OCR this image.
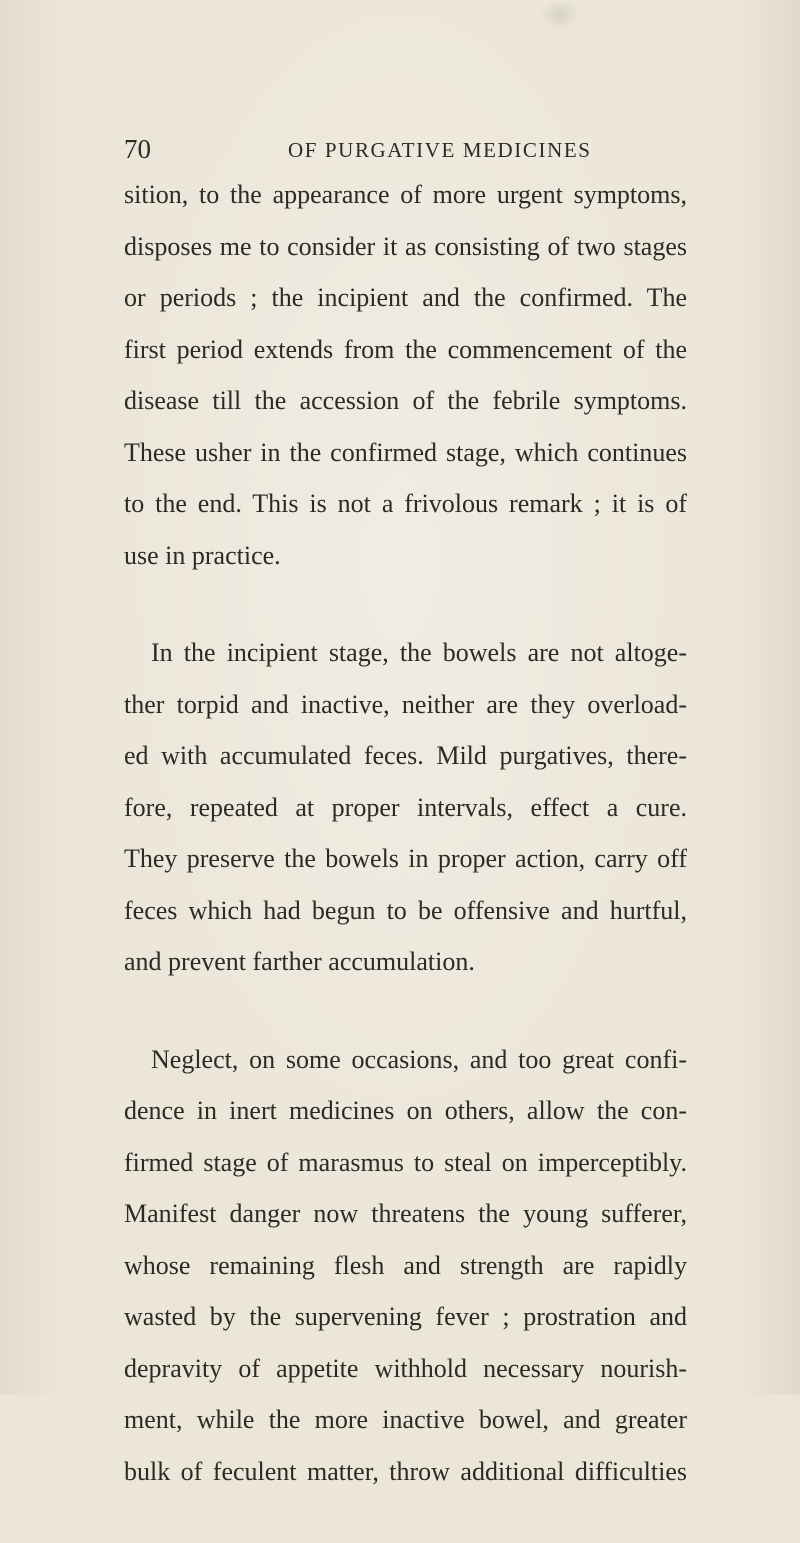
70	OF PURGATIVE MEDICINES

sition, to the appearance of more urgent symptoms,
disposes me to consider it as consisting of two stages
or periods ; the incipient and the confirmed. The
first period extends from the commencement of the
disease till the accession of the febrile symptoms.
These usher in the confirmed stage, which continues
to the end. This is not a frivolous remark ; it is of
use in practice.

In the incipient stage, the bowels are not altoge-
ther torpid and inactive, neither are they overload-
ed with accumulated feces. Mild purgatives, there-
fore, repeated at proper intervals, effect a cure.
They preserve the bowels in proper action, carry off
feces which had begun to be offensive and hurtful,
and prevent farther accumulation.

Neglect, on some occasions, and too great confi-
dence in inert medicines on others, allow the con-
firmed stage of marasmus to steal on imperceptibly.
Manifest danger now threatens the young sufferer,
whose remaining flesh and strength are rapidly
wasted by the supervening fever ; prostration and
depravity of appetite withhold necessary nourish-
ment, while the more inactive bowel, and greater
bulk of feculent matter, throw additional difficulties
